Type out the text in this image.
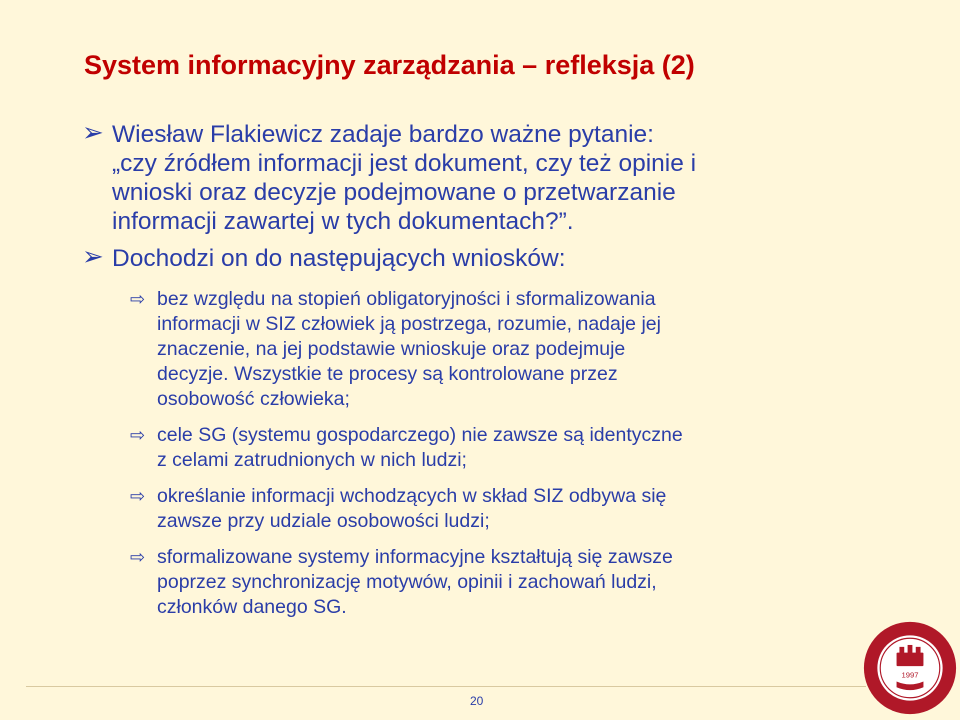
System informacyjny zarządzania – refleksja (2)
➢ Wiesław Flakiewicz zadaje bardzo ważne pytanie:

„czy źródłem informacji jest dokument, czy też opinie i

wnioski oraz decyzje podejmowane o przetwarzanie

informacji zawartej w tych dokumentach?”.

➢ Dochodzi on do następujących wniosków:

⇨ bez względu na stopień obligatoryjności i sformalizowania

informacji w SIZ człowiek ją postrzega, rozumie, nadaje jej

znaczenie, na jej podstawie wnioskuje oraz podejmuje

decyzje. Wszystkie te procesy są kontrolowane przez

osobowość człowieka;

⇨ cele SG (systemu gospodarczego) nie zawsze są identyczne

z celami zatrudnionych w nich ludzi;

⇨ określanie informacji wchodzących w skład SIZ odbywa się

zawsze przy udziale osobowości ludzi;

⇨ sformalizowane systemy informacyjne kształtują się zawsze

poprzez synchronizację motywów, opinii i zachowań ludzi,

członków danego SG.

20
1997
